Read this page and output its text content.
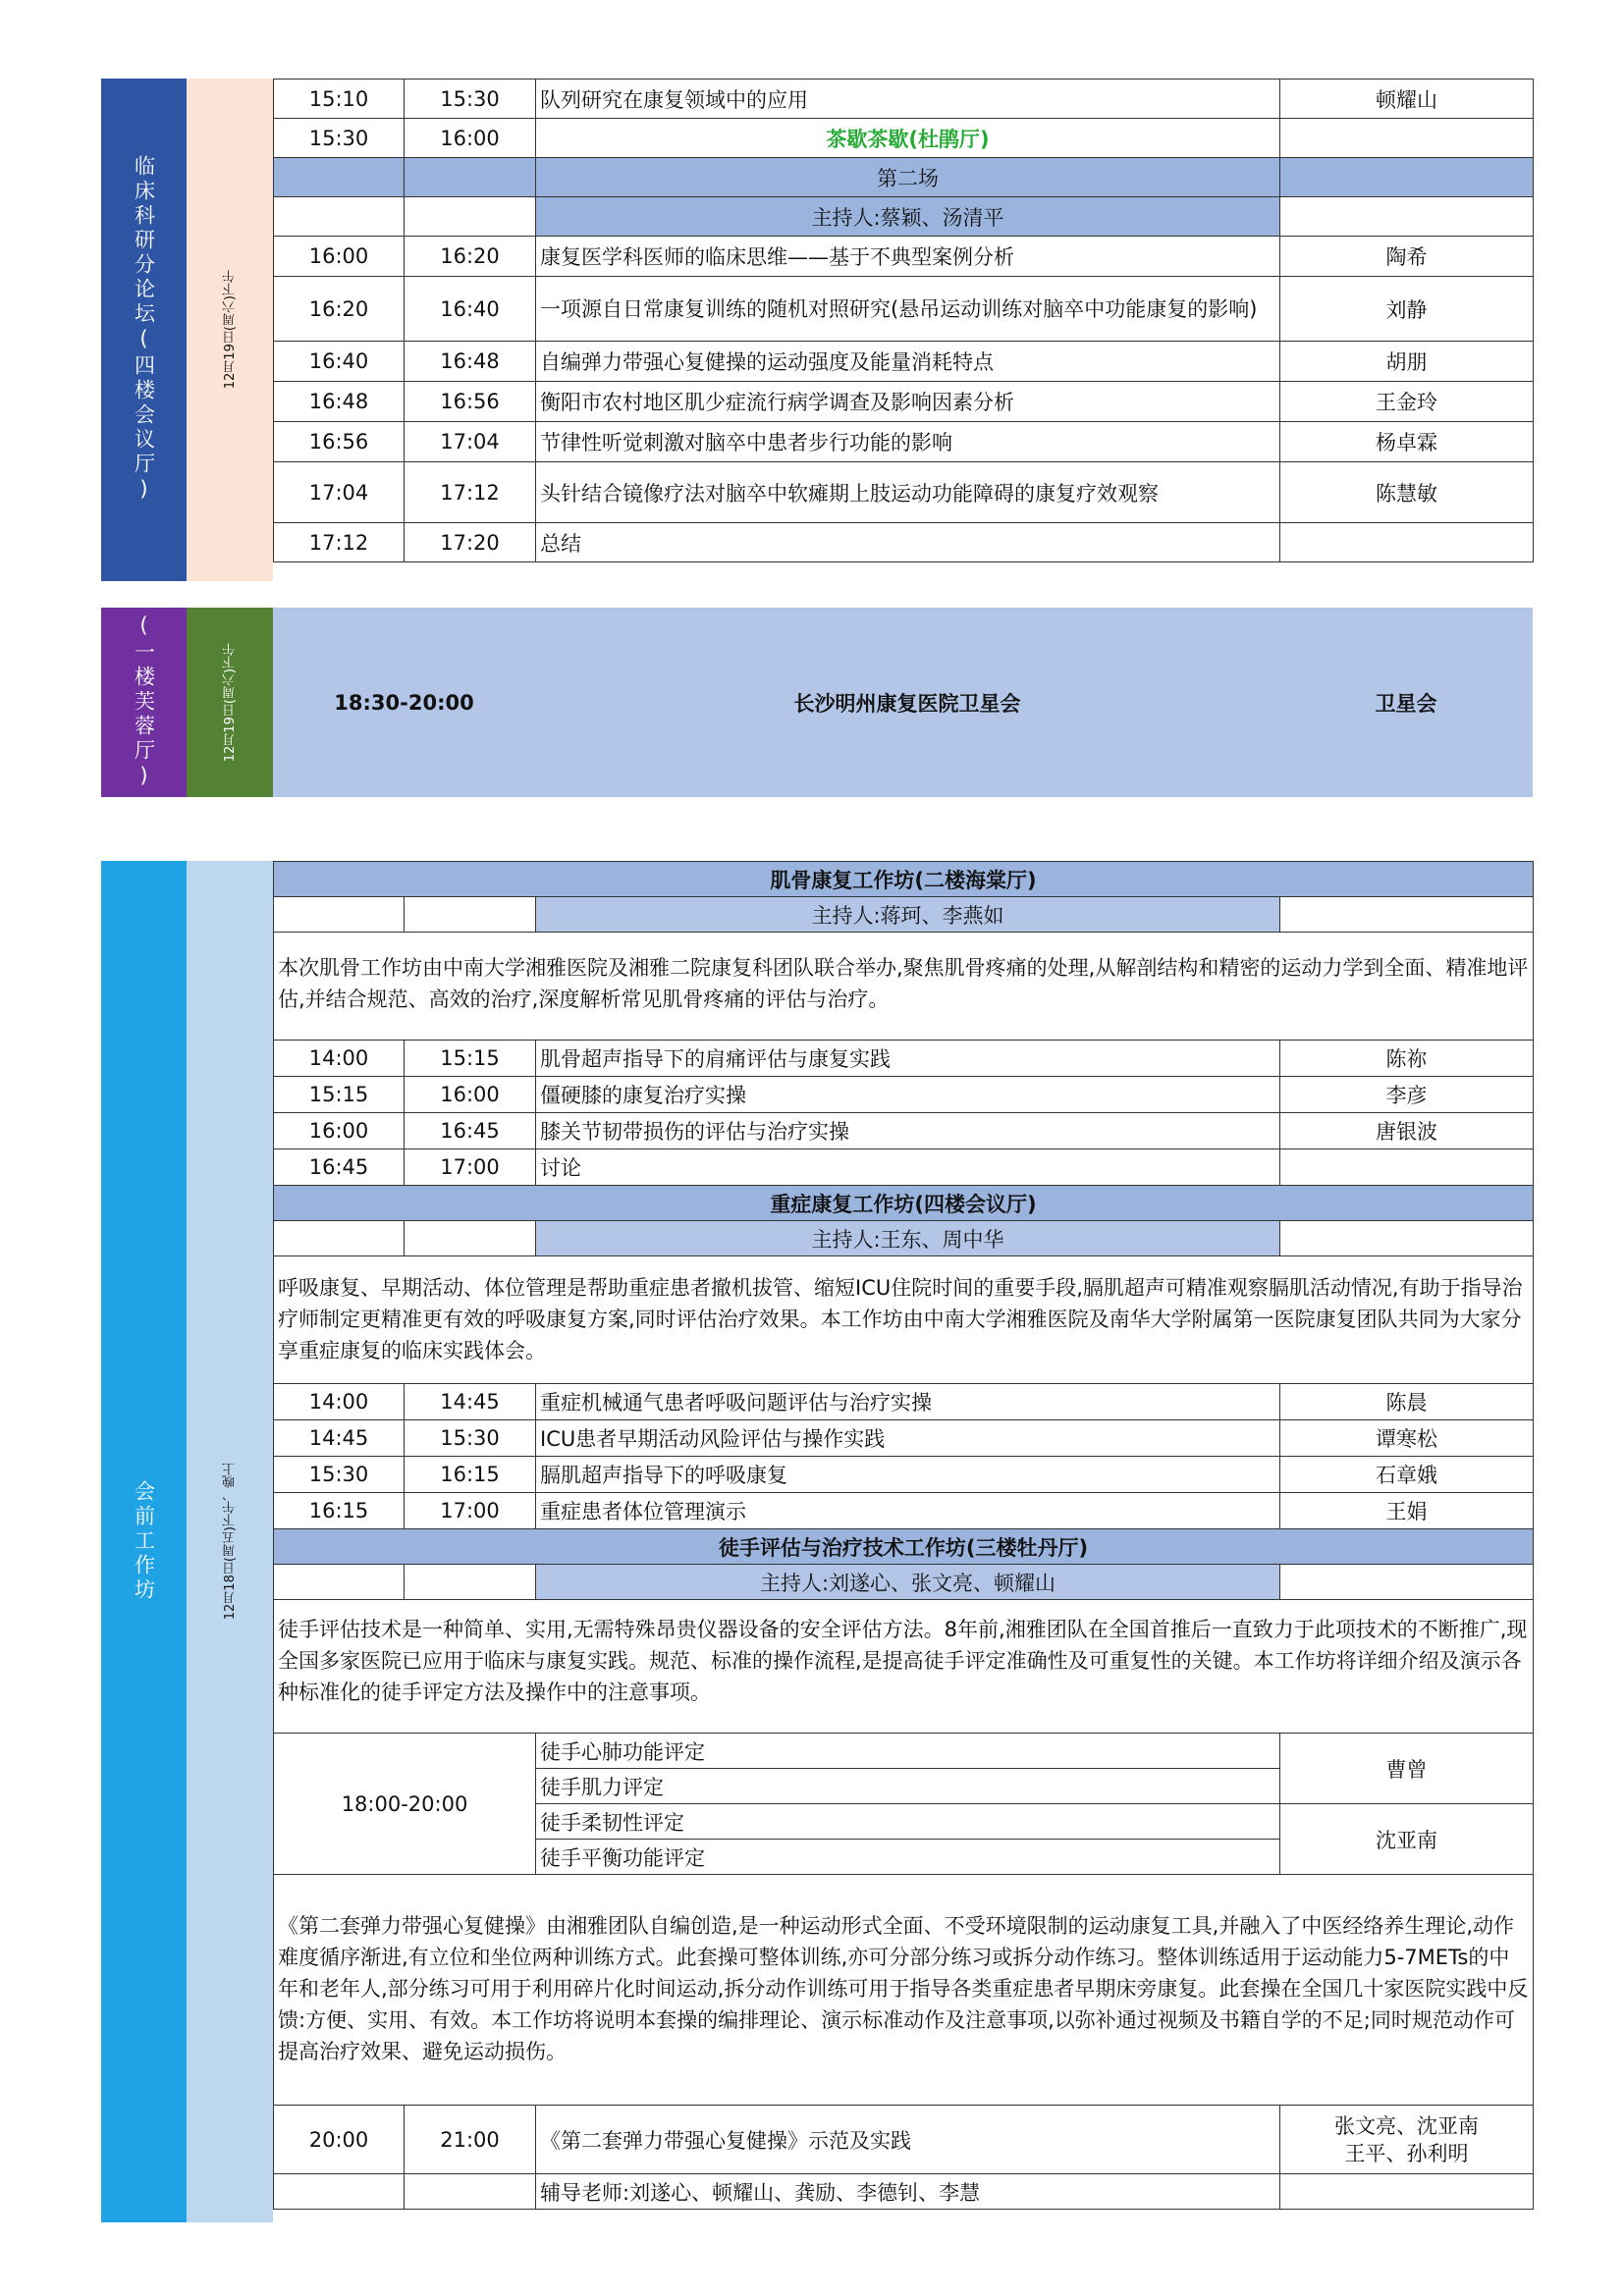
临床科研分论坛(四楼会议厅)	12月19日(周六)下午
15:10	15:30	队列研究在康复领域中的应用	顿耀山
15:30	16:00	茶歇茶歇(杜鹃厅)	
		第二场	
		主持人:蔡颖、汤清平	
16:00	16:20	康复医学科医师的临床思维——基于不典型案例分析	陶希
16:20	16:40	一项源自日常康复训练的随机对照研究(悬吊运动训练对脑卒中功能康复的影响)	刘静
16:40	16:48	自编弹力带强心复健操的运动强度及能量消耗特点	胡朋
16:48	16:56	衡阳市农村地区肌少症流行病学调查及影响因素分析	王金玲
16:56	17:04	节律性听觉刺激对脑卒中患者步行功能的影响	杨卓霖
17:04	17:12	头针结合镜像疗法对脑卒中软瘫期上肢运动功能障碍的康复疗效观察	陈慧敏
17:12	17:20	总结	
(一楼芙蓉厅)	12月19日(周六)下午	18:30-20:00	长沙明州康复医院卫星会	卫星会
会前工作坊	12月18日(周五)下午、晚上
肌骨康复工作坊(二楼海棠厅)			
		主持人:蒋珂、李燕如	
本次肌骨工作坊由中南大学湘雅医院及湘雅二院康复科团队联合举办,聚焦肌骨疼痛的处理,从解剖结构和精密的运动力学到全面、精准地评估,并结合规范、高效的治疗,深度解析常见肌骨疼痛的评估与治疗。			
14:00	15:15	肌骨超声指导下的肩痛评估与康复实践	陈祢
15:15	16:00	僵硬膝的康复治疗实操	李彦
16:00	16:45	膝关节韧带损伤的评估与治疗实操	唐银波
16:45	17:00	讨论	
重症康复工作坊(四楼会议厅)			
		主持人:王东、周中华	
呼吸康复、早期活动、体位管理是帮助重症患者撤机拔管、缩短ICU住院时间的重要手段,膈肌超声可精准观察膈肌活动情况,有助于指导治疗师制定更精准更有效的呼吸康复方案,同时评估治疗效果。本工作坊由中南大学湘雅医院及南华大学附属第一医院康复团队共同为大家分享重症康复的临床实践体会。			
14:00	14:45	重症机械通气患者呼吸问题评估与治疗实操	陈晨
14:45	15:30	ICU患者早期活动风险评估与操作实践	谭寒松
15:30	16:15	膈肌超声指导下的呼吸康复	石章娥
16:15	17:00	重症患者体位管理演示	王娟
徒手评估与治疗技术工作坊(三楼牡丹厅)			
		主持人:刘遂心、张文亮、顿耀山	
徒手评估技术是一种简单、实用,无需特殊昂贵仪器设备的安全评估方法。8年前,湘雅团队在全国首推后一直致力于此项技术的不断推广,现全国多家医院已应用于临床与康复实践。规范、标准的操作流程,是提高徒手评定准确性及可重复性的关键。本工作坊将详细介绍及演示各种标准化的徒手评定方法及操作中的注意事项。			
18:00-20:00		徒手心肺功能评定	曹曾
		徒手肌力评定	
		徒手柔韧性评定	沈亚南
		徒手平衡功能评定	
《第二套弹力带强心复健操》由湘雅团队自编创造,是一种运动形式全面、不受环境限制的运动康复工具,并融入了中医经络养生理论,动作难度循序渐进,有立位和坐位两种训练方式。此套操可整体训练,亦可分部分练习或拆分动作练习。整体训练适用于运动能力5-7METs的中年和老年人,部分练习可用于利用碎片化时间运动,拆分动作训练可用于指导各类重症患者早期床旁康复。此套操在全国几十家医院实践中反馈:方便、实用、有效。本工作坊将说明本套操的编排理论、演示标准动作及注意事项,以弥补通过视频及书籍自学的不足;同时规范动作可提高治疗效果、避免运动损伤。			
20:00	21:00	《第二套弹力带强心复健操》示范及实践	张文亮、沈亚南
王平、孙利明

		辅导老师:刘遂心、顿耀山、龚励、李德钊、李慧	
